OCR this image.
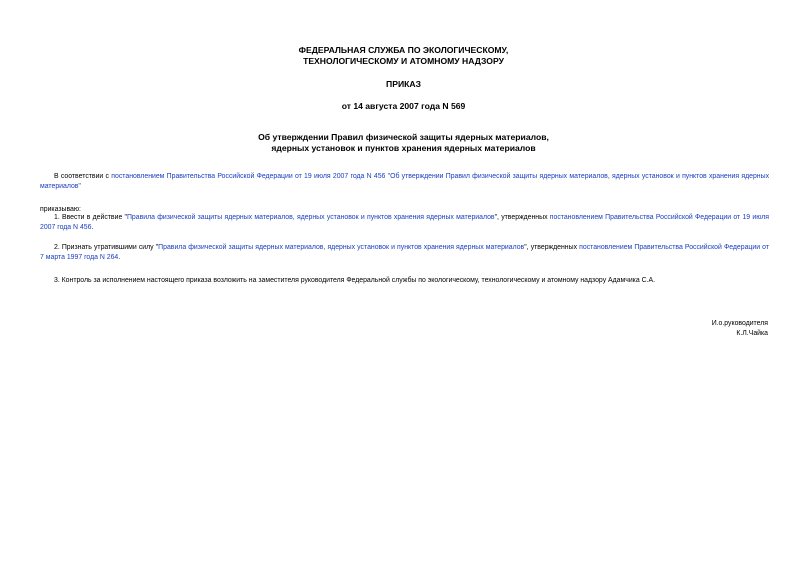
ФЕДЕРАЛЬНАЯ СЛУЖБА ПО ЭКОЛОГИЧЕСКОМУ,
ТЕХНОЛОГИЧЕСКОМУ И АТОМНОМУ НАДЗОРУ
ПРИКАЗ
от 14 августа 2007 года N 569
Об утверждении Правил физической защиты ядерных материалов,
ядерных установок и пунктов хранения ядерных материалов
В соответствии с постановлением Правительства Российской Федерации от 19 июля 2007 года N 456 "Об утверждении Правил физической защиты ядерных материалов, ядерных установок и пунктов хранения ядерных материалов"
приказываю:
1. Ввести в действие "Правила физической защиты ядерных материалов, ядерных установок и пунктов хранения ядерных материалов", утвержденных постановлением Правительства Российской Федерации от 19 июля 2007 года N 456.
2. Признать утратившими силу "Правила физической защиты ядерных материалов, ядерных установок и пунктов хранения ядерных материалов", утвержденных постановлением Правительства Российской Федерации от 7 марта 1997 года N 264.
3. Контроль за исполнением настоящего приказа возложить на заместителя руководителя Федеральной службы по экологическому, технологическому и атомному надзору Адамчика С.А.
И.о.руководителя
К.Л.Чайка
